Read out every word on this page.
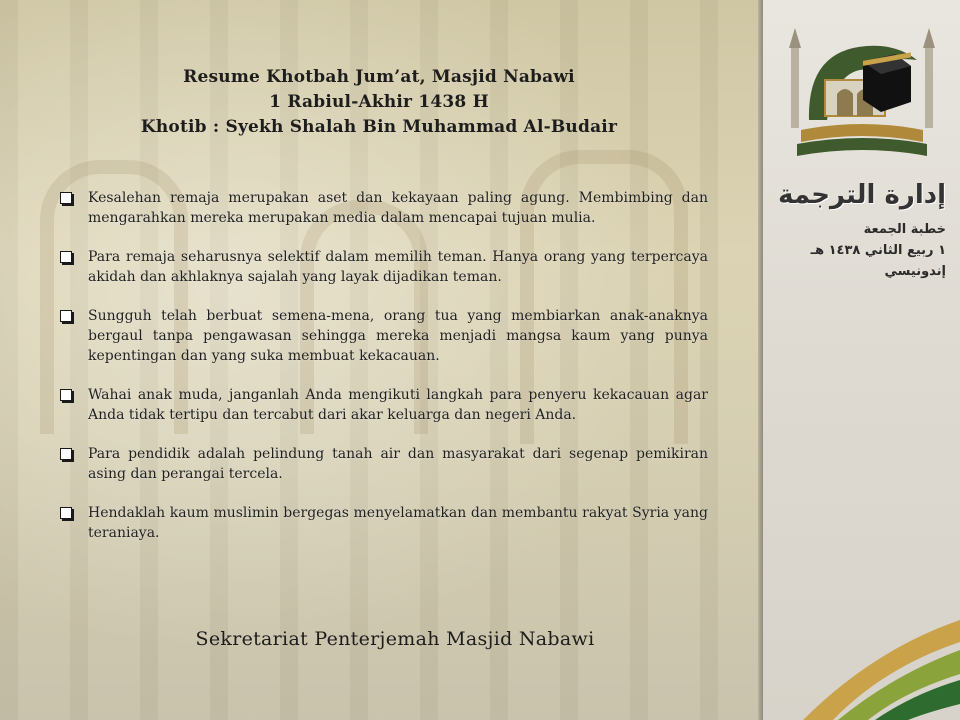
Resume Khotbah Jum’at, Masjid Nabawi
1 Rabiul-Akhir 1438 H
Khotib : Syekh Shalah Bin Muhammad Al-Budair
Kesalehan remaja merupakan aset dan kekayaan paling agung. Membimbing dan mengarahkan mereka merupakan media dalam mencapai tujuan mulia.
Para remaja seharusnya selektif dalam memilih teman. Hanya orang yang terpercaya akidah dan akhlaknya sajalah yang layak dijadikan teman.
Sungguh telah berbuat semena-mena, orang tua yang membiarkan anak-anaknya bergaul tanpa pengawasan sehingga mereka menjadi mangsa kaum yang punya kepentingan dan yang suka membuat kekacauan.
Wahai anak muda, janganlah Anda mengikuti langkah para penyeru kekacauan agar Anda tidak tertipu dan tercabut dari akar keluarga dan negeri Anda.
Para pendidik adalah pelindung tanah air dan masyarakat dari segenap pemikiran asing dan perangai tercela.
Hendaklah kaum muslimin bergegas menyelamatkan dan membantu rakyat Syria yang teraniaya.
Sekretariat Penterjemah Masjid Nabawi
إدارة الترجمة
خطبة الجمعة
١ ربيع الثاني ١٤٣٨ هـ
إندونيسي
